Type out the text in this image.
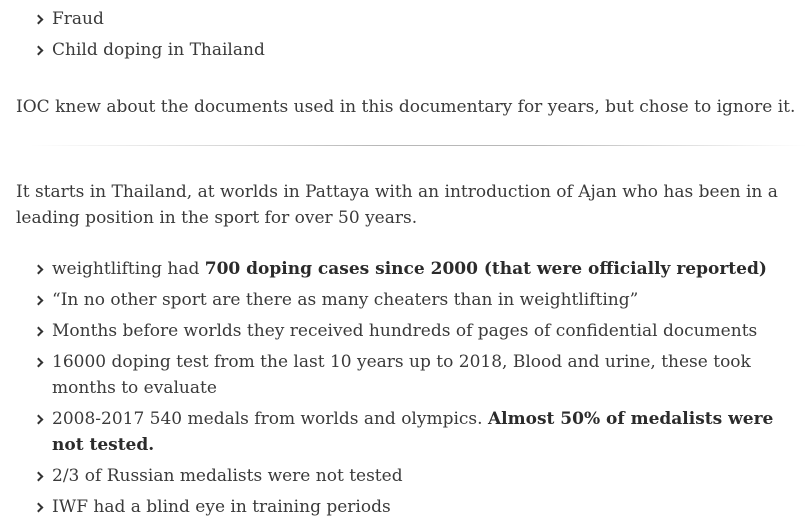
Fraud
Child doping in Thailand

IOC knew about the documents used in this documentary for years, but chose to ignore it.

It starts in Thailand, at worlds in Pattaya with an introduction of Ajan who has been in a leading position in the sport for over 50 years.

weightlifting had 700 doping cases since 2000 (that were officially reported)
“In no other sport are there as many cheaters than in weightlifting”
Months before worlds they received hundreds of pages of confidential documents
16000 doping test from the last 10 years up to 2018, Blood and urine, these took months to evaluate
2008-2017 540 medals from worlds and olympics. Almost 50% of medalists were not tested.
2/3 of Russian medalists were not tested
IWF had a blind eye in training periods
